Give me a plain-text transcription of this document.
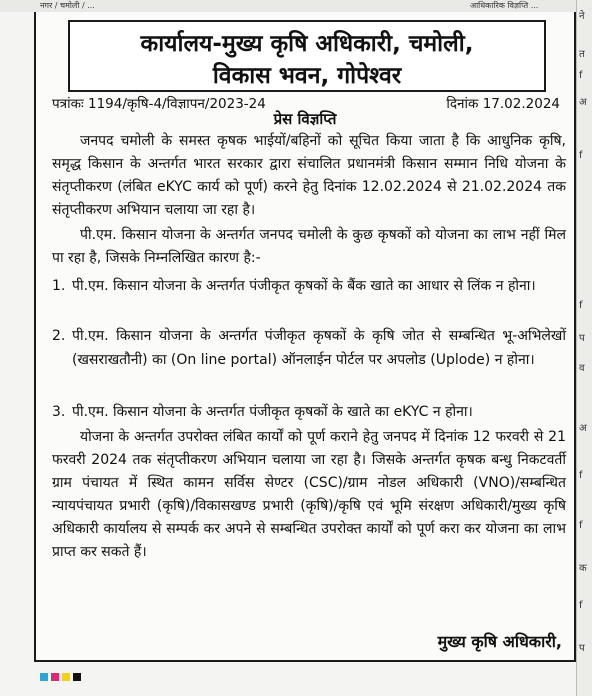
नगर / चमोली / ...	आधिकारिक विज्ञप्ति ...
कार्यालय-मुख्य कृषि अधिकारी, चमोली,
विकास भवन, गोपेश्वर
पत्रांकः 1194/कृषि-4/विज्ञापन/2023-24	दिनांक 17.02.2024
प्रेस विज्ञप्ति
जनपद चमोली के समस्त कृषक भाईयों/बहिनों को सूचित किया जाता है कि आधुनिक कृषि, समृद्ध किसान के अन्तर्गत भारत सरकार द्वारा संचालित प्रधानमंत्री किसान सम्मान निधि योजना के संतृप्तीकरण (लंबित eKYC कार्य को पूर्ण) करने हेतु दिनांक 12.02.2024 से 21.02.2024 तक संतृप्तीकरण अभियान चलाया जा रहा है।
पी.एम. किसान योजना के अन्तर्गत जनपद चमोली के कुछ कृषकों को योजना का लाभ नहीं मिल पा रहा है, जिसके निम्नलिखित कारण है:-
1. पी.एम. किसान योजना के अन्तर्गत पंजीकृत कृषकों के बैंक खाते का आधार से लिंक न होना।
2. पी.एम. किसान योजना के अन्तर्गत पंजीकृत कृषकों के कृषि जोत से सम्बन्धित भू-अभिलेखों (खसराखतौनी) का (On line portal) ऑनलाईन पोर्टल पर अपलोड (Uplode) न होना।
3. पी.एम. किसान योजना के अन्तर्गत पंजीकृत कृषकों के खाते का eKYC न होना।
योजना के अन्तर्गत उपरोक्त लंबित कार्यों को पूर्ण कराने हेतु जनपद में दिनांक 12 फरवरी से 21 फरवरी 2024 तक संतृप्तीकरण अभियान चलाया जा रहा है। जिसके अन्तर्गत कृषक बन्धु निकटवर्ती ग्राम पंचायत में स्थित कामन सर्विस सेण्टर (CSC)/ग्राम नोडल अधिकारी (VNO)/सम्बन्धित न्यायपंचायत प्रभारी (कृषि)/विकासखण्ड प्रभारी (कृषि)/कृषि एवं भूमि संरक्षण अधिकारी/मुख्य कृषि अधिकारी कार्यालय से सम्पर्क कर अपने से सम्बन्धित उपरोक्त कार्यों को पूर्ण करा कर योजना का लाभ प्राप्त कर सकते हैं।
मुख्य कृषि अधिकारी,
ने
त
f
अ
f
f
प
व
अ
f
f
क
f
प
